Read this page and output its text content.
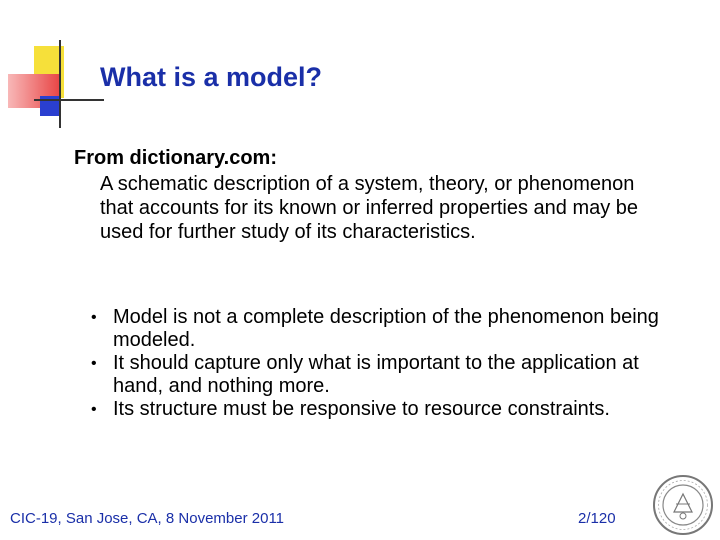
What is a model?

From dictionary.com:

A schematic description of a system, theory, or phenomenon that accounts for its known or inferred properties and may be used for further study of its characteristics.

• Model is not a complete description of the phenomenon being modeled.
• It should capture only what is important to the application at hand, and nothing more.
• Its structure must be responsive to resource constraints.
CIC-19, San Jose, CA, 8 November 2011	2/120
